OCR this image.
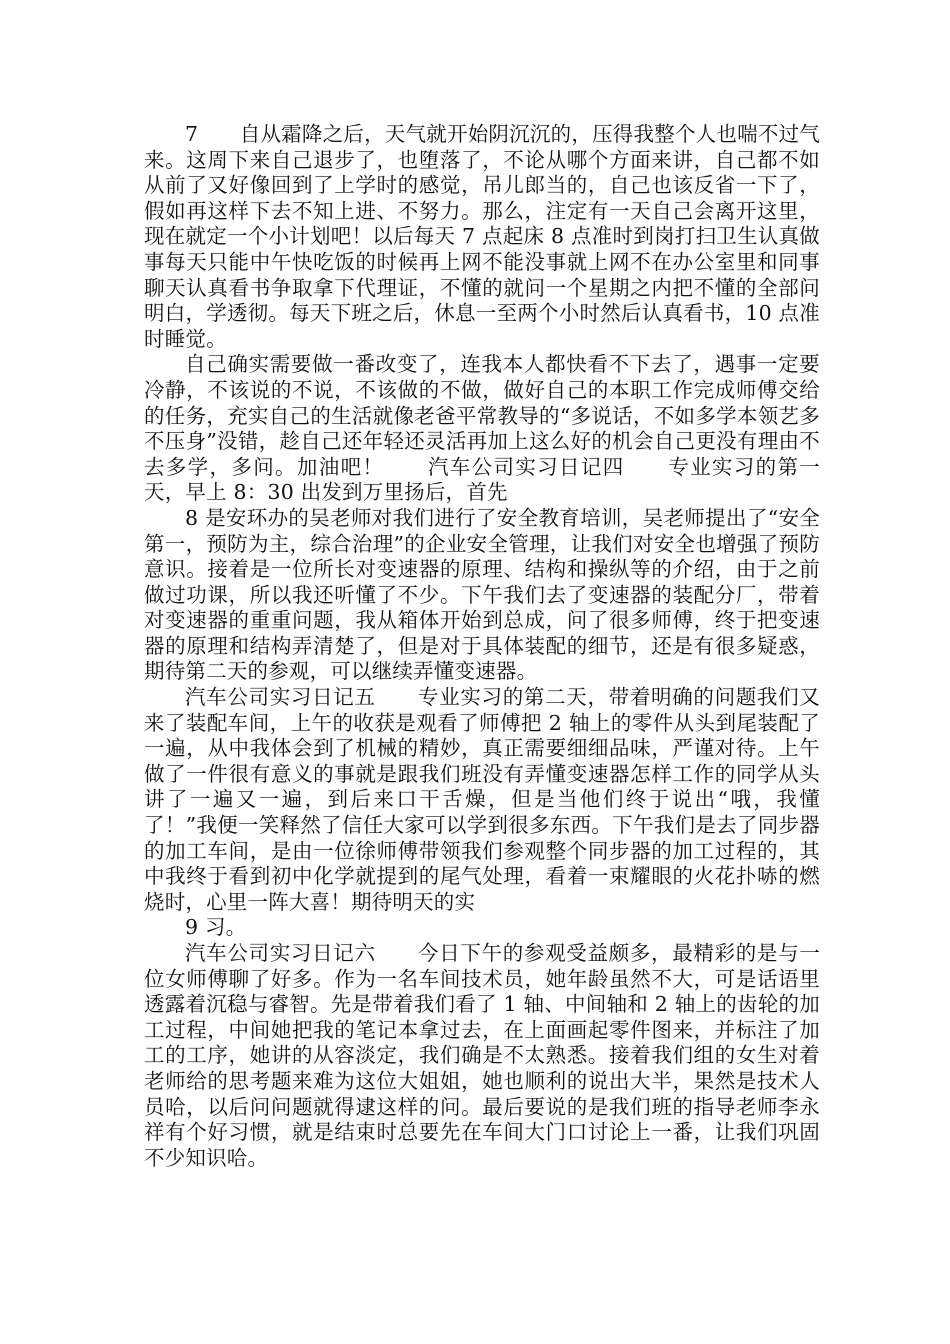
7　　自从霜降之后，天气就开始阴沉沉的，压得我整个人也喘不过气来。这周下来自己退步了，也堕落了，不论从哪个方面来讲，自己都不如从前了又好像回到了上学时的感觉，吊儿郎当的，自己也该反省一下了，假如再这样下去不知上进、不努力。那么，注定有一天自己会离开这里，现在就定一个小计划吧！以后每天 7 点起床 8 点准时到岗打扫卫生认真做事每天只能中午快吃饭的时候再上网不能没事就上网不在办公室里和同事聊天认真看书争取拿下代理证，不懂的就问一个星期之内把不懂的全部问明白，学透彻。每天下班之后，休息一至两个小时然后认真看书，10 点准时睡觉。

自己确实需要做一番改变了，连我本人都快看不下去了，遇事一定要冷静，不该说的不说，不该做的不做，做好自己的本职工作完成师傅交给的任务，充实自己的生活就像老爸平常教导的“多说话，不如多学本领艺多不压身”没错，趁自己还年轻还灵活再加上这么好的机会自己更没有理由不去多学，多问。加油吧！　　汽车公司实习日记四　　专业实习的第一天，早上 8：30 出发到万里扬后，首先

8 是安环办的吴老师对我们进行了安全教育培训，吴老师提出了“安全第一，预防为主，综合治理”的企业安全管理，让我们对安全也增强了预防意识。接着是一位所长对变速器的原理、结构和操纵等的介绍，由于之前做过功课，所以我还听懂了不少。下午我们去了变速器的装配分厂，带着对变速器的重重问题，我从箱体开始到总成，问了很多师傅，终于把变速器的原理和结构弄清楚了，但是对于具体装配的细节，还是有很多疑惑，期待第二天的参观，可以继续弄懂变速器。

汽车公司实习日记五　　专业实习的第二天，带着明确的问题我们又来了装配车间，上午的收获是观看了师傅把 2 轴上的零件从头到尾装配了一遍，从中我体会到了机械的精妙，真正需要细细品味，严谨对待。上午做了一件很有意义的事就是跟我们班没有弄懂变速器怎样工作的同学从头讲了一遍又一遍，到后来口干舌燥，但是当他们终于说出“哦，我懂了！”我便一笑释然了信任大家可以学到很多东西。下午我们是去了同步器的加工车间，是由一位徐师傅带领我们参观整个同步器的加工过程的，其中我终于看到初中化学就提到的尾气处理，看着一束耀眼的火花扑哧的燃烧时，心里一阵大喜！期待明天的实

9 习。

汽车公司实习日记六　　今日下午的参观受益颇多，最精彩的是与一位女师傅聊了好多。作为一名车间技术员，她年龄虽然不大，可是话语里透露着沉稳与睿智。先是带着我们看了 1 轴、中间轴和 2 轴上的齿轮的加工过程，中间她把我的笔记本拿过去，在上面画起零件图来，并标注了加工的工序，她讲的从容淡定，我们确是不太熟悉。接着我们组的女生对着老师给的思考题来难为这位大姐姐，她也顺利的说出大半，果然是技术人员哈，以后问问题就得逮这样的问。最后要说的是我们班的指导老师李永祥有个好习惯，就是结束时总要先在车间大门口讨论上一番，让我们巩固不少知识哈。
